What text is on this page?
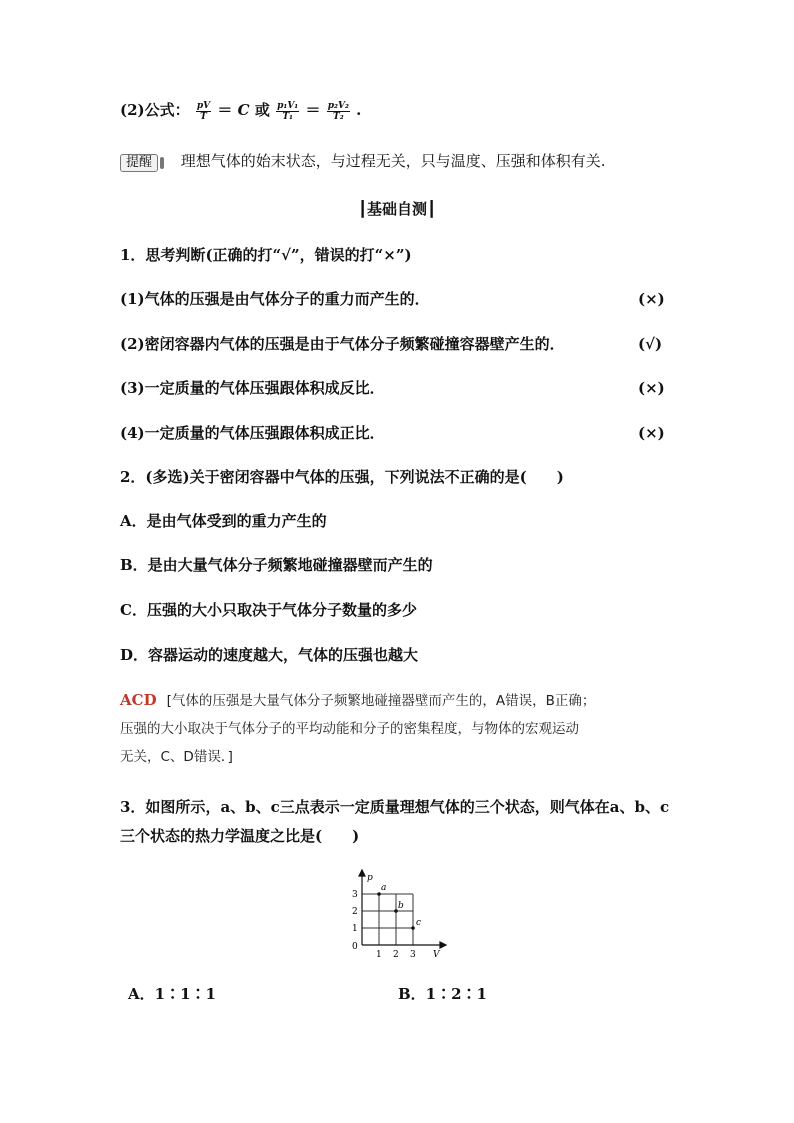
(2)公式： $\frac{pV}{T} = C$ 或 $\frac{\text{p₁V₁}}{\text{T₁}} = \frac{\text{p₂V₂}}{\text{T₂}}$ .
提醒 理想气体的始末状态，与过程无关，只与温度、压强和体积有关.
┃基础自测┃
1．思考判断(正确的打“√”，错误的打“×”)
(1)气体的压强是由气体分子的重力而产生的．	(×)
(2)密闭容器内气体的压强是由于气体分子频繁碰撞容器壁产生的．	(√)
(3)一定质量的气体压强跟体积成反比．	(×)
(4)一定质量的气体压强跟体积成正比．	(×)
2．(多选)关于密闭容器中气体的压强，下列说法不正确的是(　　)
A．是由气体受到的重力产生的
B．是由大量气体分子频繁地碰撞器壁而产生的
C．压强的大小只取决于气体分子数量的多少
D．容器运动的速度越大，气体的压强也越大
ACD [气体的压强是大量气体分子频繁地碰撞器壁而产生的，A错误，B正确；
压强的大小取决于气体分子的平均动能和分子的密集程度，与物体的宏观运动
无关，C、D错误．]
3．如图所示，a、b、c三点表示一定质量理想气体的三个状态，则气体在a、b、c
三个状态的热力学温度之比是(　　)
p
V
0
1
2
3
1 2 3
a
b
c
A．1∶1∶1	B．1∶2∶1
